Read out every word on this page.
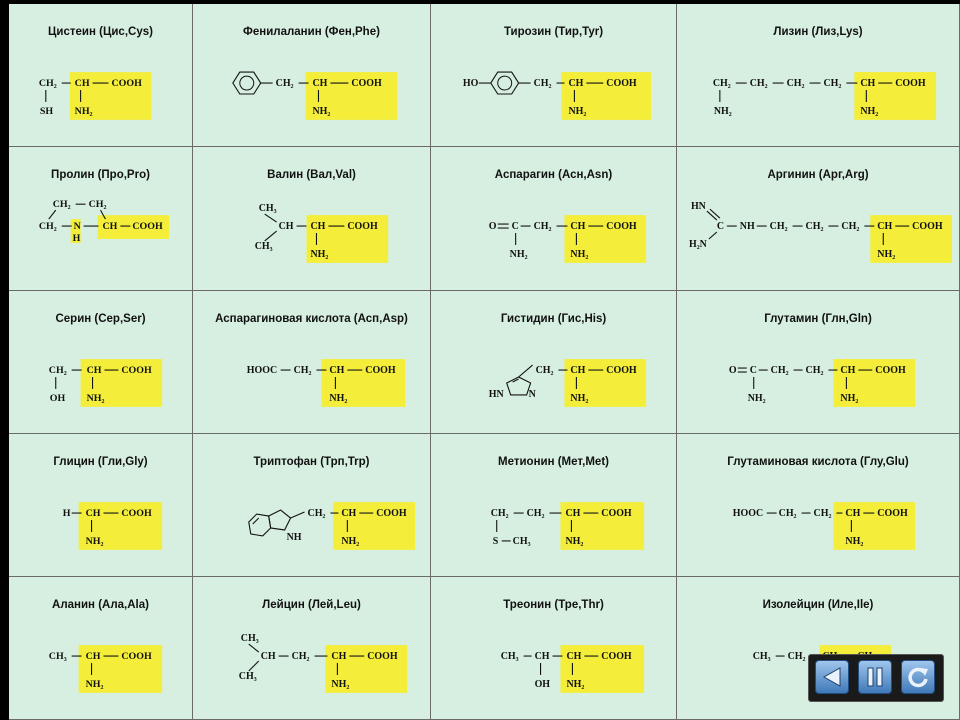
Цистеин (Цис,Cys)
CH₂ CH COOH
SH NH₂
Фенилаланин (Фен,Phe)
CH₂ CH COOH
NH₂
Тирозин (Тир,Tyr)
HO	CH₂ CH COOH
NH₂
Лизин (Лиз,Lys)
CH₂ CH₂ CH₂ CH₂ CH COOH
NH₂	NH₂
Пролин (Про,Pro)
CH₂ CH₂
CH₂ N CH COOH
H
Валин (Вал,Val)
CH₃
CH
CH₃
CH COOH
NH₂
Аспарагин (Асн,Asn)
O C CH₂ CH COOH
NH₂	NH₂
Аргинин (Арг,Arg)
HN
C NH CH₂ CH₂ CH₂ CH COOH
H₂N
NH₂
Серин (Сер,Ser)
CH₂ CH COOH
OH NH₂
Аспарагиновая кислота (Асп,Asp)
HOOC CH₂ CH COOH
NH₂
Гистидин (Гис,His)
HN N
CH₂ CH COOH
NH₂
Глутамин (Глн,Gln)
O C CH₂ CH₂ CH COOH
NH₂	NH₂
Глицин (Гли,Gly)
H CH COOH
NH₂
Триптофан (Трп,Trp)
NH
CH₂ CH COOH
NH₂
Метионин (Мет,Met)
CH₂ CH₂ CH COOH
S CH₃	NH₂
Глутаминовая кислота (Глу,Glu)
HOOC CH₂ CH₂ CH COOH
NH₂
Аланин (Ала,Ala)
CH₃ CH COOH
NH₂
Лейцин (Лей,Leu)
CH₃
CH
CH₃
CH₂ CH COOH
NH₂
Треонин (Тре,Thr)
CH₃ CH CH COOH
OH NH₂
Изолейцин (Иле,Ile)
CH₃ CH₂
